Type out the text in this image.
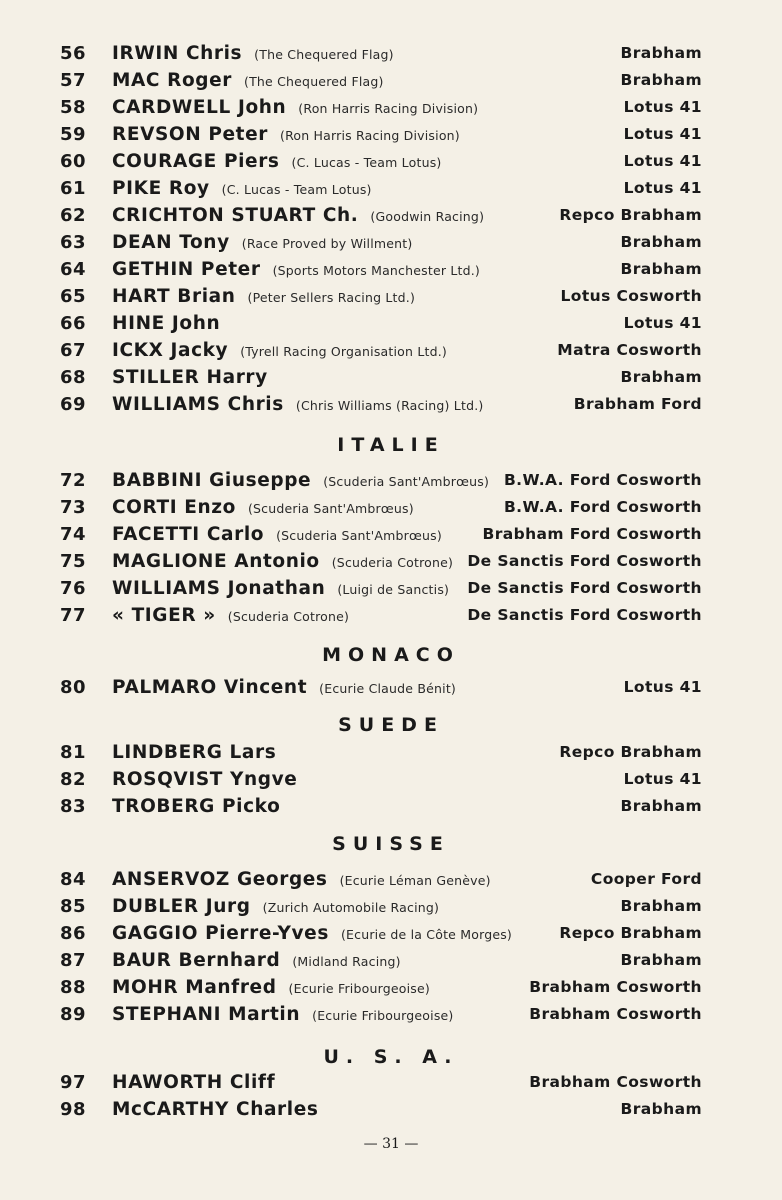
56	IRWIN Chris (The Chequered Flag)	Brabham
57	MAC Roger (The Chequered Flag)	Brabham
58	CARDWELL John (Ron Harris Racing Division)	Lotus 41
59	REVSON Peter (Ron Harris Racing Division)	Lotus 41
60	COURAGE Piers (C. Lucas - Team Lotus)	Lotus 41
61	PIKE Roy (C. Lucas - Team Lotus)	Lotus 41
62	CRICHTON STUART Ch. (Goodwin Racing)	Repco Brabham
63	DEAN Tony (Race Proved by Willment)	Brabham
64	GETHIN Peter (Sports Motors Manchester Ltd.)	Brabham
65	HART Brian (Peter Sellers Racing Ltd.)	Lotus Cosworth
66	HINE John	Lotus 41
67	ICKX Jacky (Tyrell Racing Organisation Ltd.)	Matra Cosworth
68	STILLER Harry	Brabham
69	WILLIAMS Chris (Chris Williams (Racing) Ltd.)	Brabham Ford
ITALIE
72	BABBINI Giuseppe (Scuderia Sant'Ambrœus) B.W.A. Ford Cosworth
73	CORTI Enzo (Scuderia Sant'Ambrœus)	B.W.A. Ford Cosworth
74	FACETTI Carlo (Scuderia Sant'Ambrœus)	Brabham Ford Cosworth
75	MAGLIONE Antonio (Scuderia Cotrone) De Sanctis Ford Cosworth
76	WILLIAMS Jonathan (Luigi de Sanctis) De Sanctis Ford Cosworth
77	« TIGER » (Scuderia Cotrone)	De Sanctis Ford Cosworth
MONACO
80	PALMARO Vincent (Ecurie Claude Bénit)	Lotus 41
SUEDE
81	LINDBERG Lars	Repco Brabham
82	ROSQVIST Yngve	Lotus 41
83	TROBERG Picko	Brabham
SUISSE
84	ANSERVOZ Georges (Ecurie Léman Genève)	Cooper Ford
85	DUBLER Jurg (Zurich Automobile Racing)	Brabham
86	GAGGIO Pierre-Yves (Ecurie de la Côte Morges)	Repco Brabham
87	BAUR Bernhard (Midland Racing)	Brabham
88	MOHR Manfred (Ecurie Fribourgeoise)	Brabham Cosworth
89	STEPHANI Martin (Ecurie Fribourgeoise)	Brabham Cosworth
U. S. A.
97	HAWORTH Cliff	Brabham Cosworth
98	McCARTHY Charles	Brabham
— 31 —
